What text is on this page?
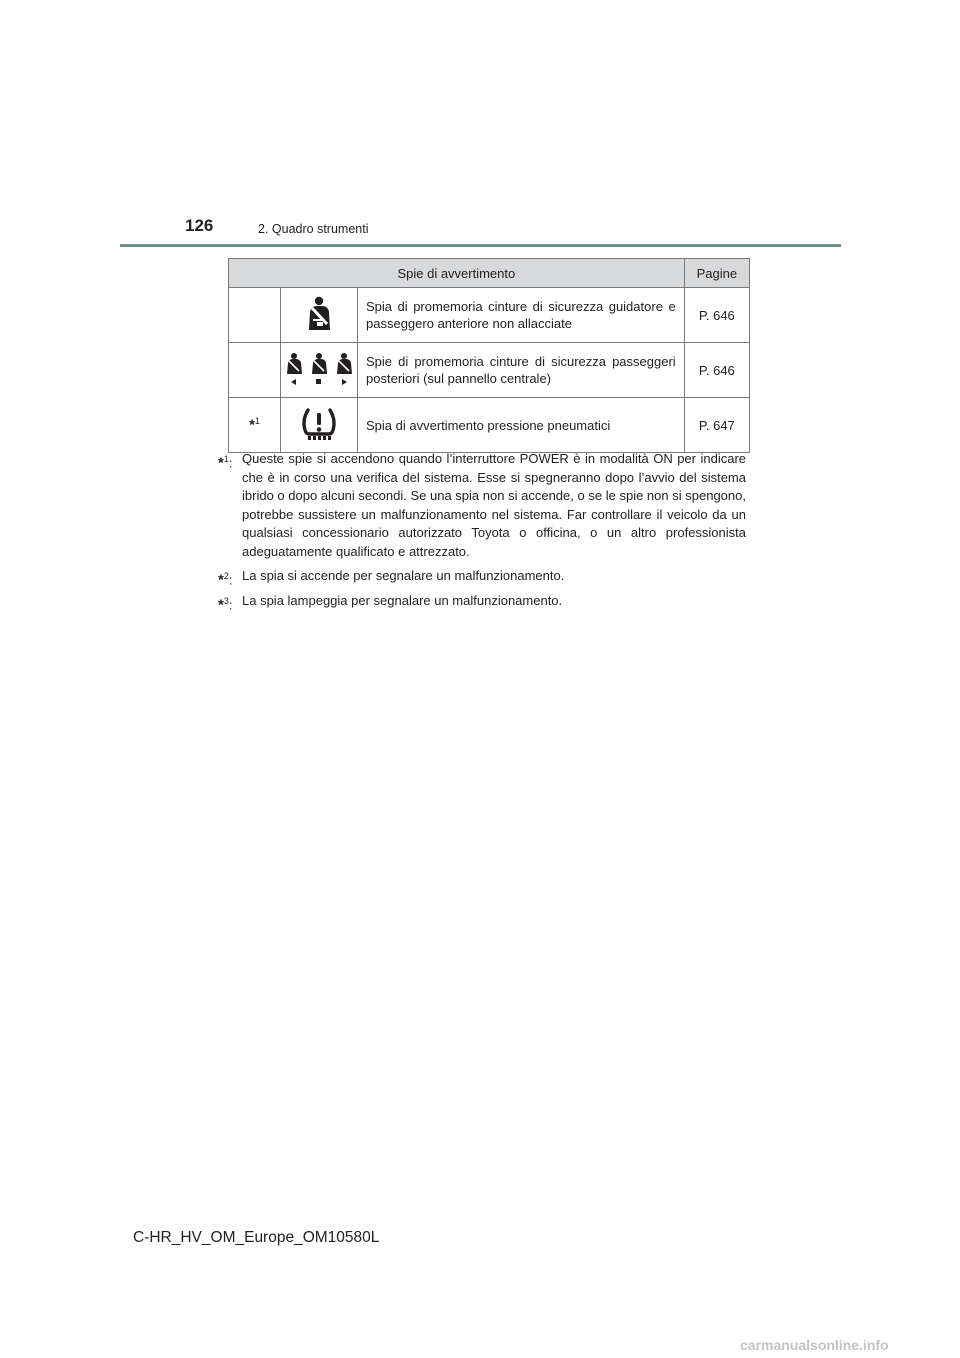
126	2. Quadro strumenti
Spie di avvertimento			Pagine
		Spia di promemoria cinture di sicurezza guidatore e passeggero anteriore non allacciate	P. 646
		Spie di promemoria cinture di sicurezza passeggeri posteriori (sul pannello centrale)	P. 646
*$^1$		Spia di avvertimento pressione pneumatici	P. 647
*$^1$: Queste spie si accendono quando l’interruttore POWER è in modalità ON per indicare che è in corso una verifica del sistema. Esse si spegneranno dopo l’avvio del sistema ibrido o dopo alcuni secondi. Se una spia non si accende, o se le spie non si spengono, potrebbe sussistere un malfunzionamento nel sistema. Far controllare il veicolo da un qualsiasi concessionario autorizzato Toyota o officina, o un altro professionista adeguatamente qualificato e attrezzato.
*$^2$: La spia si accende per segnalare un malfunzionamento.
*$^3$: La spia lampeggia per segnalare un malfunzionamento.
C-HR_HV_OM_Europe_OM10580L
carmanualsonline.info
